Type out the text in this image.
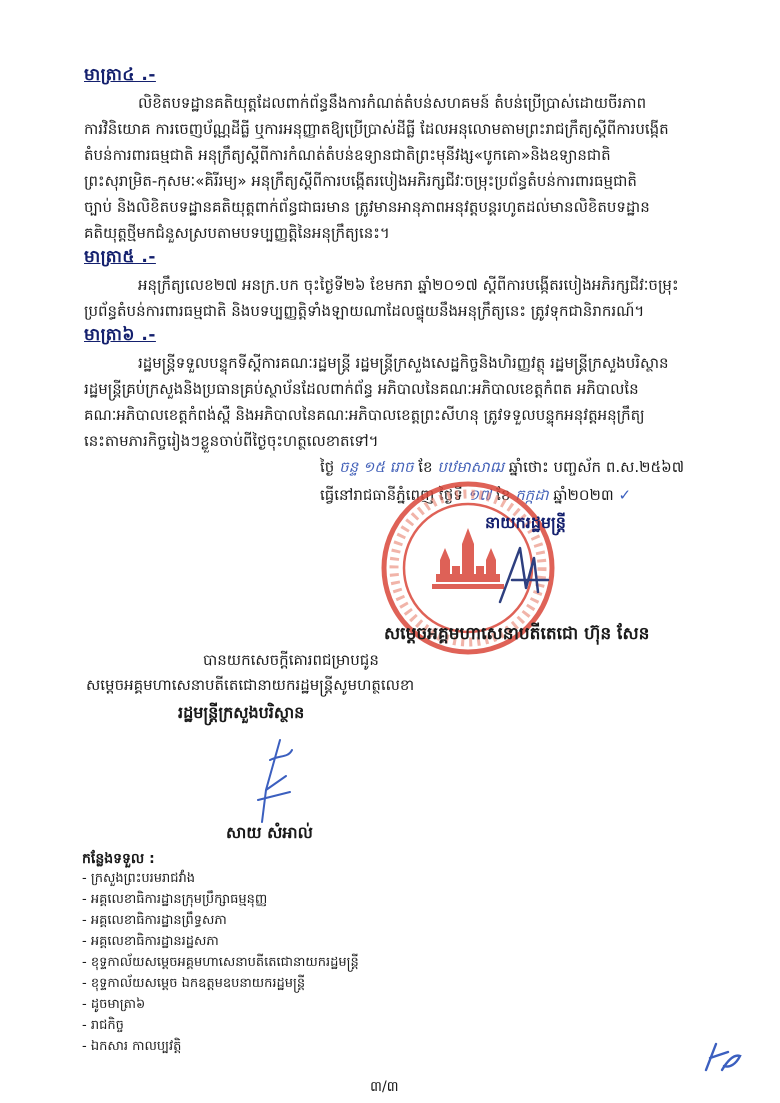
មាត្រា៤ .-
លិខិតបទដ្ឋានគតិយុត្តដែលពាក់ព័ន្ធនឹងការកំណត់តំបន់សហគមន៍ តំបន់ប្រើប្រាស់ដោយចីរភាព
ការវិនិយោគ ការចេញប័ណ្ណដីធ្លី ឬការអនុញ្ញាតឱ្យប្រើប្រាស់ដីធ្លី ដែលអនុលោមតាមព្រះរាជក្រឹត្យស្តីពីការបង្កើត
តំបន់ការពារធម្មជាតិ អនុក្រឹត្យស្តីពីការកំណត់តំបន់ឧទ្យានជាតិព្រះមុនីវង្ស«បូកគោ»និងឧទ្យានជាតិ
ព្រះសុរាម្រិត-កុសមៈ«គិរីរម្យ» អនុក្រឹត្យស្តីពីការបង្កើតរបៀងអភិរក្សជីវៈចម្រុះប្រព័ន្ធតំបន់ការពារធម្មជាតិ
ច្បាប់ និងលិខិតបទដ្ឋានគតិយុត្តពាក់ព័ន្ធជាធរមាន ត្រូវមានអានុភាពអនុវត្តបន្តរហូតដល់មានលិខិតបទដ្ឋាន
គតិយុត្តថ្មីមកជំនួសស្របតាមបទប្បញ្ញត្តិនៃអនុក្រឹត្យនេះ។
មាត្រា៥ .-
អនុក្រឹត្យលេខ២៧ អនក្រ.បក ចុះថ្ងៃទី២៦ ខែមករា ឆ្នាំ២០១៧ ស្តីពីការបង្កើតរបៀងអភិរក្សជីវៈចម្រុះ
ប្រព័ន្ធតំបន់ការពារធម្មជាតិ និងបទប្បញ្ញត្តិទាំងឡាយណាដែលផ្ទុយនឹងអនុក្រឹត្យនេះ ត្រូវទុកជានិរាករណ៍។
មាត្រា៦ .-
រដ្ឋមន្ត្រីទទួលបន្ទុកទីស្តីការគណៈរដ្ឋមន្ត្រី រដ្ឋមន្ត្រីក្រសួងសេដ្ឋកិច្ចនិងហិរញ្ញវត្ថុ រដ្ឋមន្ត្រីក្រសួងបរិស្ថាន
រដ្ឋមន្ត្រីគ្រប់ក្រសួងនិងប្រធានគ្រប់ស្ថាប័នដែលពាក់ព័ន្ធ អភិបាលនៃគណៈអភិបាលខេត្តកំពត អភិបាលនៃ
គណៈអភិបាលខេត្តកំពង់ស្ពឺ និងអភិបាលនៃគណៈអភិបាលខេត្តព្រះសីហនុ ត្រូវទទួលបន្ទុកអនុវត្តអនុក្រឹត្យ
នេះតាមភារកិច្ចរៀងៗខ្លួនចាប់ពីថ្ងៃចុះហត្ថលេខាតទៅ។
ថ្ងៃ ចន្ទ ១៥ រោច ខែ បឋមាសាឍ ឆ្នាំថោះ បញ្ចស័ក ព.ស.២៥៦៧
ធ្វើនៅរាជធានីភ្នំពេញ ថ្ងៃទី ១៧ ខែ កក្កដា ឆ្នាំ២០២៣ ✓
នាយករដ្ឋមន្ត្រី
សម្តេចអគ្គមហាសេនាបតីតេជោ ហ៊ុន សែន
បានយកសេចក្តីគោរពជម្រាបជូន
សម្តេចអគ្គមហាសេនាបតីតេជោនាយករដ្ឋមន្ត្រីសូមហត្ថលេខា
រដ្ឋមន្ត្រីក្រសួងបរិស្ថាន
សាយ សំអាល់
កន្លែងទទួល :
- ក្រសួងព្រះបរមរាជវាំង
- អគ្គលេខាធិការដ្ឋានក្រុមប្រឹក្សាធម្មនុញ្ញ
- អគ្គលេខាធិការដ្ឋានព្រឹទ្ធសភា
- អគ្គលេខាធិការដ្ឋានរដ្ឋសភា
- ខុទ្ទកាល័យសម្តេចអគ្គមហាសេនាបតីតេជោនាយករដ្ឋមន្ត្រី
- ខុទ្ទកាល័យសម្តេច ឯកឧត្តមឧបនាយករដ្ឋមន្ត្រី
- ដូចមាត្រា៦
- រាជកិច្ច
- ឯកសារ កាលប្បវត្តិ
៣/៣
